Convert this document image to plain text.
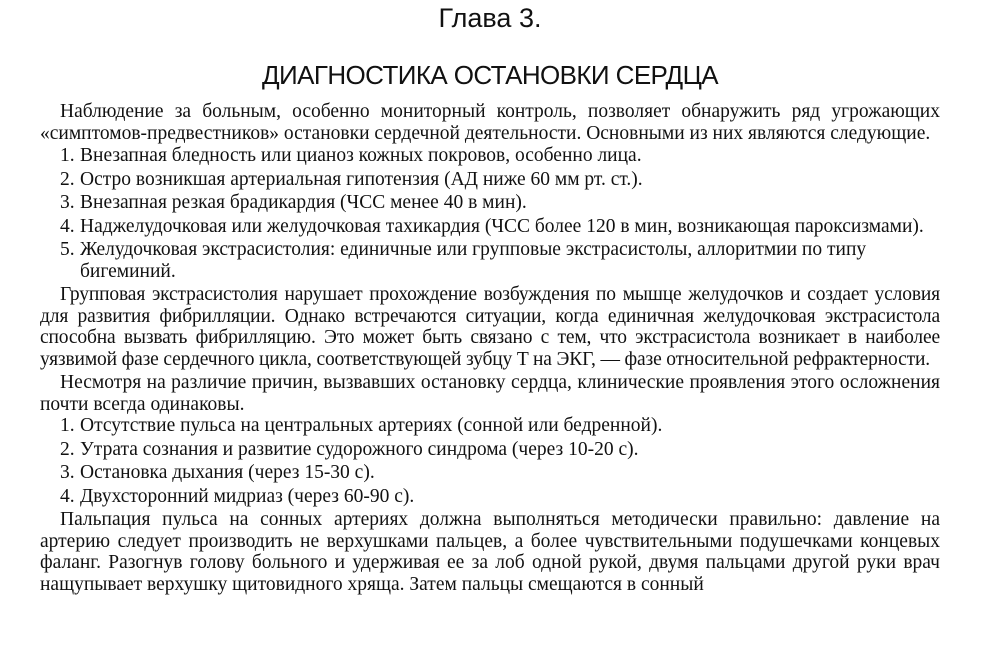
Глава 3.
ДИАГНОСТИКА ОСТАНОВКИ СЕРДЦА

Наблюдение за больным, особенно мониторный контроль, позволяет обнаружить ряд угрожающих «симптомов-предвестников» остановки сердечной деятельности. Основными из них являются следующие.

1. Внезапная бледность или цианоз кожных покровов, особенно лица.
2. Остро возникшая артериальная гипотензия (АД ниже 60 мм рт. ст.).
3. Внезапная резкая брадикардия (ЧСС менее 40 в мин).
4. Наджелудочковая или желудочковая тахикардия (ЧСС более 120 в мин, возникающая пароксизмами).
5. Желудочковая экстрасистолия: единичные или групповые экстрасистолы, аллоритмии по типу бигеминий.

Групповая экстрасистолия нарушает прохождение возбуждения по мышце желудочков и создает условия для развития фибрилляции. Однако встречаются ситуации, когда единичная желудочковая экстрасистола способна вызвать фибрилляцию. Это может быть связано с тем, что экстрасистола возникает в наиболее уязвимой фазе сердечного цикла, соответствующей зубцу T на ЭКГ, — фазе относительной рефрактерности.

Несмотря на различие причин, вызвавших остановку сердца, клинические проявления этого осложнения почти всегда одинаковы.

1. Отсутствие пульса на центральных артериях (сонной или бедренной).
2. Утрата сознания и развитие судорожного синдрома (через 10-20 с).
3. Остановка дыхания (через 15-30 с).
4. Двухсторонний мидриаз (через 60-90 с).

Пальпация пульса на сонных артериях должна выполняться методически правильно: давление на артерию следует производить не верхушками пальцев, а более чувствительными подушечками концевых фаланг. Разогнув голову больного и удерживая ее за лоб одной рукой, двумя пальцами другой руки врач нащупывает верхушку щитовидного хряща. Затем пальцы смещаются в сонный
